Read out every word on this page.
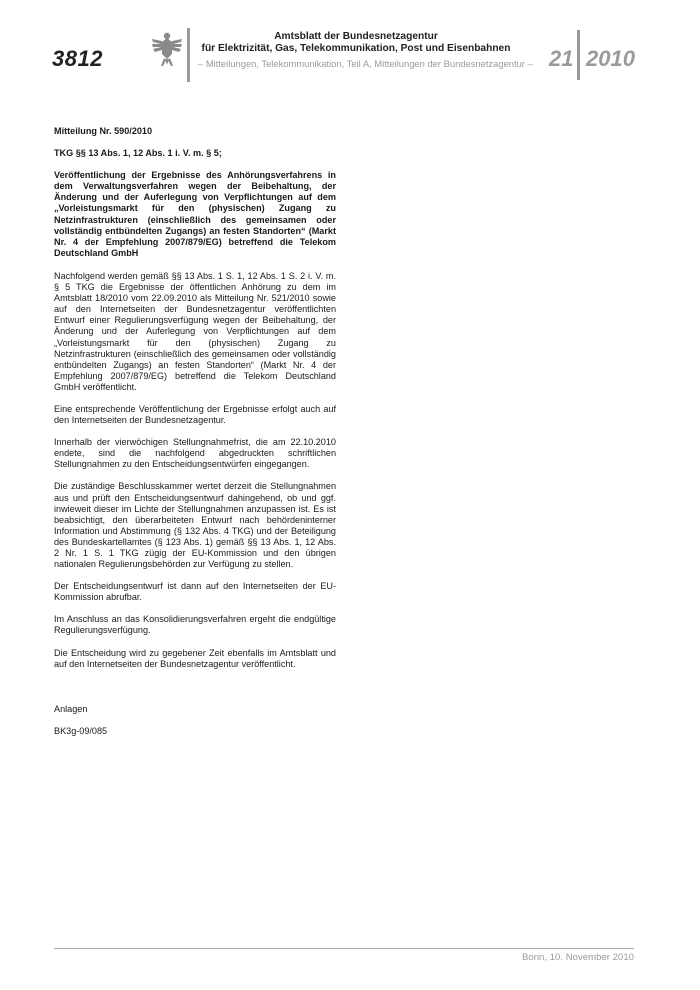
3812
Amtsblatt der Bundesnetzagentur
für Elektrizität, Gas, Telekommunikation, Post und Eisenbahnen
– Mitteilungen, Telekommunikation, Teil A, Mitteilungen der Bundesnetzagentur – 21 2010

Mitteilung Nr. 590/2010

TKG §§ 13 Abs. 1, 12 Abs. 1 i. V. m. § 5;

Veröffentlichung der Ergebnisse des Anhörungsverfahrens in dem Verwaltungsverfahren wegen der Beibehaltung, der Änderung und der Auferlegung von Verpflichtungen auf dem „Vorleistungsmarkt für den (physischen) Zugang zu Netzinfrastrukturen (einschließlich des gemeinsamen oder vollständig entbündelten Zugangs) an festen Standorten“ (Markt Nr. 4 der Empfehlung 2007/879/EG) betreffend die Telekom Deutschland GmbH

Nachfolgend werden gemäß §§ 13 Abs. 1 S. 1, 12 Abs. 1 S. 2 i. V. m. § 5 TKG die Ergebnisse der öffentlichen Anhörung zu dem im Amtsblatt 18/2010 vom 22.09.2010 als Mitteilung Nr. 521/2010 sowie auf den Internetseiten der Bundesnetzagentur veröffentlichten Entwurf einer Regulierungsverfügung wegen der Beibehaltung, der Änderung und der Auferlegung von Verpflichtungen auf dem „Vorleistungsmarkt für den (physischen) Zugang zu Netzinfrastrukturen (einschließlich des gemeinsamen oder vollständig entbündelten Zugangs) an festen Standorten“ (Markt Nr. 4 der Empfehlung 2007/879/EG) betreffend die Telekom Deutschland GmbH veröffentlicht.

Eine entsprechende Veröffentlichung der Ergebnisse erfolgt auch auf den Internetseiten der Bundesnetzagentur.

Innerhalb der vierwöchigen Stellungnahmefrist, die am 22.10.2010 endete, sind die nachfolgend abgedruckten schriftlichen Stellungnahmen zu den Entscheidungsentwürfen eingegangen.

Die zuständige Beschlusskammer wertet derzeit die Stellungnahmen aus und prüft den Entscheidungsentwurf dahingehend, ob und ggf. inwieweit dieser im Lichte der Stellungnahmen anzupassen ist. Es ist beabsichtigt, den überarbeiteten Entwurf nach behördeninterner Information und Abstimmung (§ 132 Abs. 4 TKG) und der Beteiligung des Bundeskartellamtes (§ 123 Abs. 1) gemäß §§ 13 Abs. 1, 12 Abs. 2 Nr. 1 S. 1 TKG zügig der EU-Kommission und den übrigen nationalen Regulierungsbehörden zur Verfügung zu stellen.

Der Entscheidungsentwurf ist dann auf den Internetseiten der EU-Kommission abrufbar.

Im Anschluss an das Konsolidierungsverfahren ergeht die endgültige Regulierungsverfügung.

Die Entscheidung wird zu gegebener Zeit ebenfalls im Amtsblatt und auf den Internetseiten der Bundesnetzagentur veröffentlicht.

Anlagen

BK3g-09/085

Bonn, 10. November 2010
